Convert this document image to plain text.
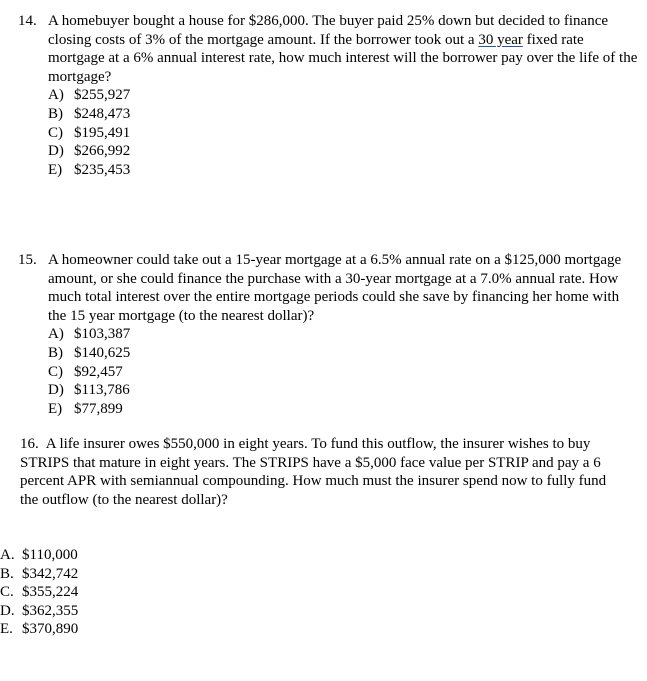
14. A homebuyer bought a house for $286,000. The buyer paid 25% down but decided to finance closing costs of 3% of the mortgage amount. If the borrower took out a 30 year fixed rate mortgage at a 6% annual interest rate, how much interest will the borrower pay over the life of the mortgage?
A) $255,927
B) $248,473
C) $195,491
D) $266,992
E) $235,453
15. A homeowner could take out a 15-year mortgage at a 6.5% annual rate on a $125,000 mortgage amount, or she could finance the purchase with a 30-year mortgage at a 7.0% annual rate. How much total interest over the entire mortgage periods could she save by financing her home with the 15 year mortgage (to the nearest dollar)?
A) $103,387
B) $140,625
C) $92,457
D) $113,786
E) $77,899
16. A life insurer owes $550,000 in eight years. To fund this outflow, the insurer wishes to buy    STRIPS that mature in eight years. The STRIPS have a $5,000 face value per STRIP and pay a 6 percent APR with semiannual compounding. How much must the insurer spend now to fully fund the outflow (to the nearest dollar)?
A. $110,000
B. $342,742
C. $355,224
D. $362,355
E. $370,890
